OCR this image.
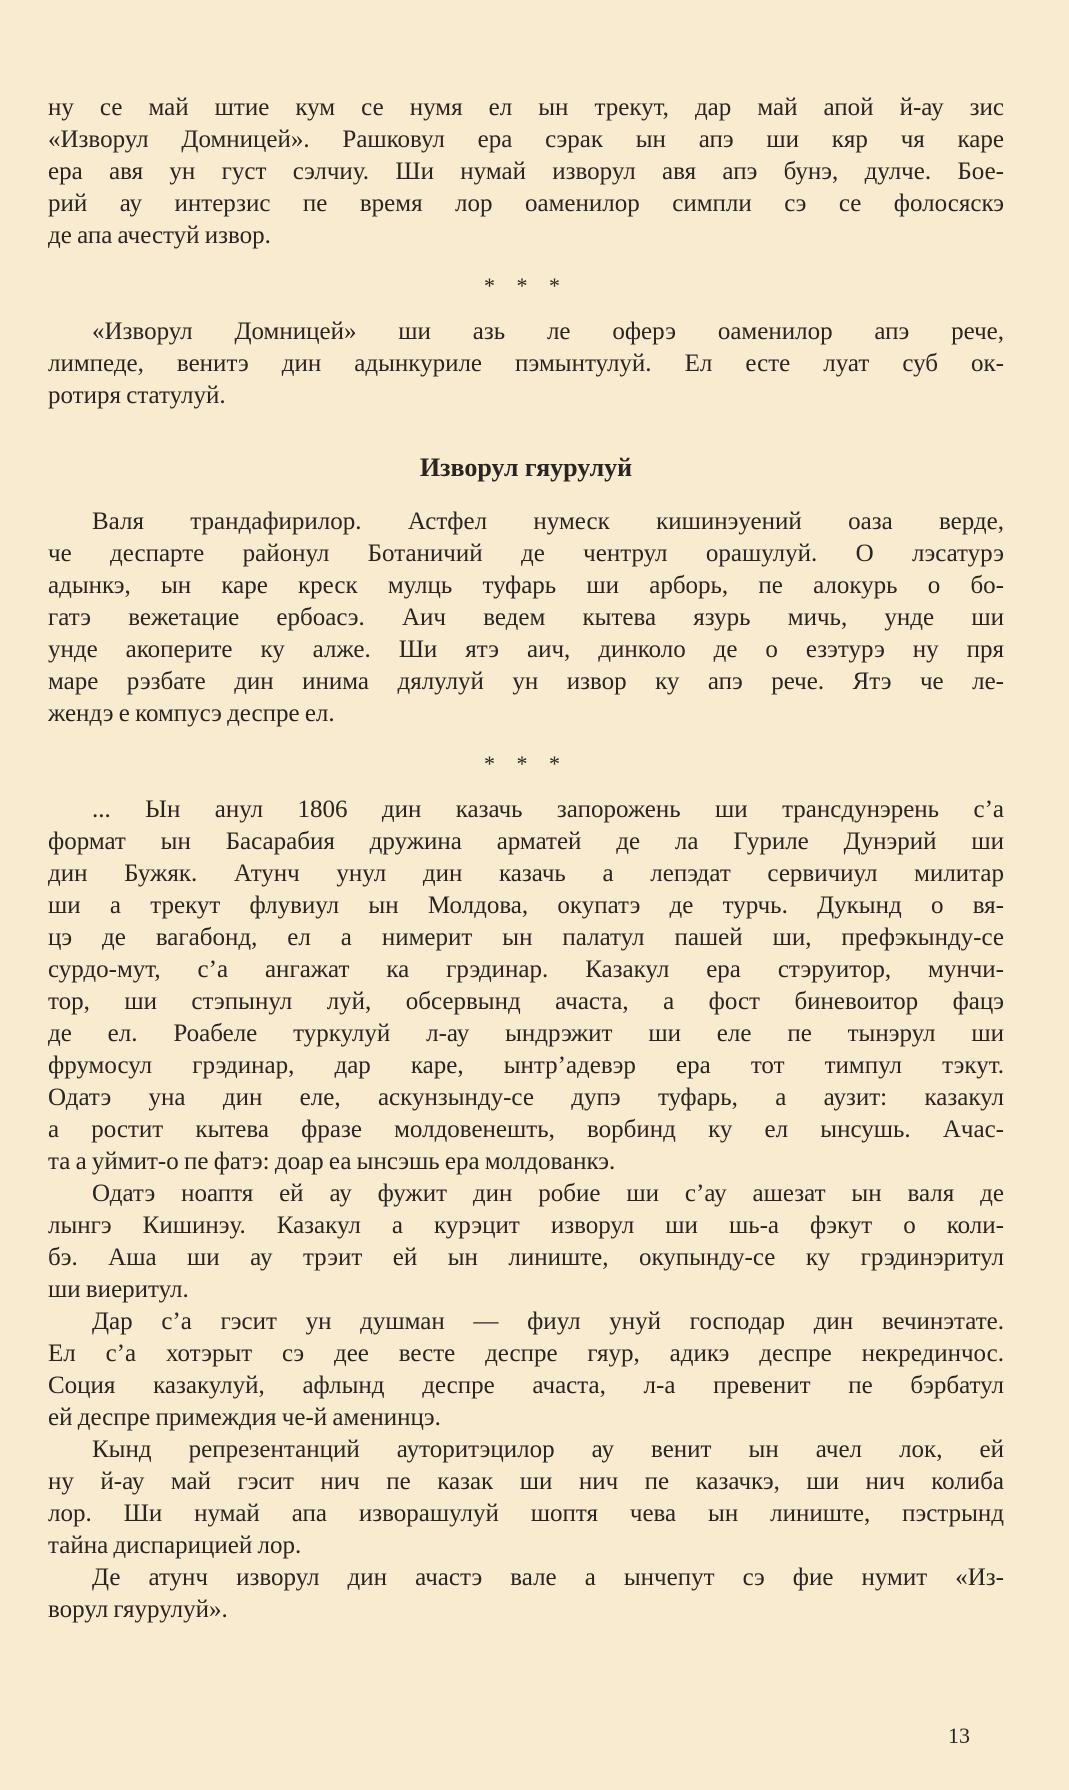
ну се май штие кум се нумя ел ын трекут, дар май апой й-ау зис
«Изворул Домницей». Рашковул ера сэрак ын апэ ши кяр чя каре
ера авя ун густ сэлчиу. Ши нумай изворул авя апэ бунэ, дулче. Бое-
рий ау интерзис пе время лор оаменилор симпли сэ се фолосяскэ
де апа ачестуй извор.
* * *
«Изворул Домницей» ши азь ле оферэ оаменилор апэ рече,
лимпеде, венитэ дин адынкуриле пэмынтулуй. Ел есте луат суб ок-
ротиря статулуй.
Изворул гяурулуй
Валя трандафирилор. Астфел нумеск кишинэуений оаза верде,
че деспарте районул Ботаничий де чентрул орашулуй. О лэсатурэ
адынкэ, ын каре креск мулць туфарь ши арборь, пе алокурь о бо-
гатэ вежетацие ербоасэ. Аич ведем кытева язурь мичь, унде ши
унде акоперите ку алже. Ши ятэ аич, динколо де о езэтурэ ну пря
маре рэзбате дин инима дялулуй ун извор ку апэ рече. Ятэ че ле-
жендэ е компусэ деспре ел.
* * *
... Ын анул 1806 дин казачь запорожень ши трансдунэрень с’а
формат ын Басарабия дружина арматей де ла Гуриле Дунэрий ши
дин Бужяк. Атунч унул дин казачь а лепэдат сервичиул милитар
ши а трекут флувиул ын Молдова, окупатэ де турчь. Дукынд о вя-
цэ де вагабонд, ел а нимерит ын палатул пашей ши, префэкынду-се
сурдо-мут, с’а ангажат ка грэдинар. Казакул ера стэруитор, мунчи-
тор, ши стэпынул луй, обсервынд ачаста, а фост биневоитор фацэ
де ел. Роабеле туркулуй л-ау ындрэжит ши еле пе тынэрул ши
фрумосул грэдинар, дар каре, ынтр’адевэр ера тот тимпул тэкут.
Одатэ уна дин еле, аскунзынду-се дупэ туфарь, а аузит: казакул
а ростит кытева фразе молдовенешть, ворбинд ку ел ынсушь. Ачас-
та а уймит-о пе фатэ: доар еа ынсэшь ера молдованкэ.
Одатэ ноаптя ей ау фужит дин робие ши с’ау ашезат ын валя де
лынгэ Кишинэу. Казакул а курэцит изворул ши шь-а фэкут о коли-
бэ. Аша ши ау трэит ей ын линиште, окупынду-се ку грэдинэритул
ши виеритул.
Дар с’а гэсит ун душман — фиул унуй господар дин вечинэтате.
Ел с’а хотэрыт сэ дее весте деспре гяур, адикэ деспре некрединчос.
Соция казакулуй, афлынд деспре ачаста, л-а превенит пе бэрбатул
ей деспре примеждия че-й аменинцэ.
Кынд репрезентанций ауторитэцилор ау венит ын ачел лок, ей
ну й-ау май гэсит нич пе казак ши нич пе казачкэ, ши нич колиба
лор. Ши нумай апа изворашулуй шоптя чева ын линиште, пэстрынд
тайна диспарицией лор.
Де атунч изворул дин ачастэ вале а ынчепут сэ фие нумит «Из-
ворул гяурулуй».
13
